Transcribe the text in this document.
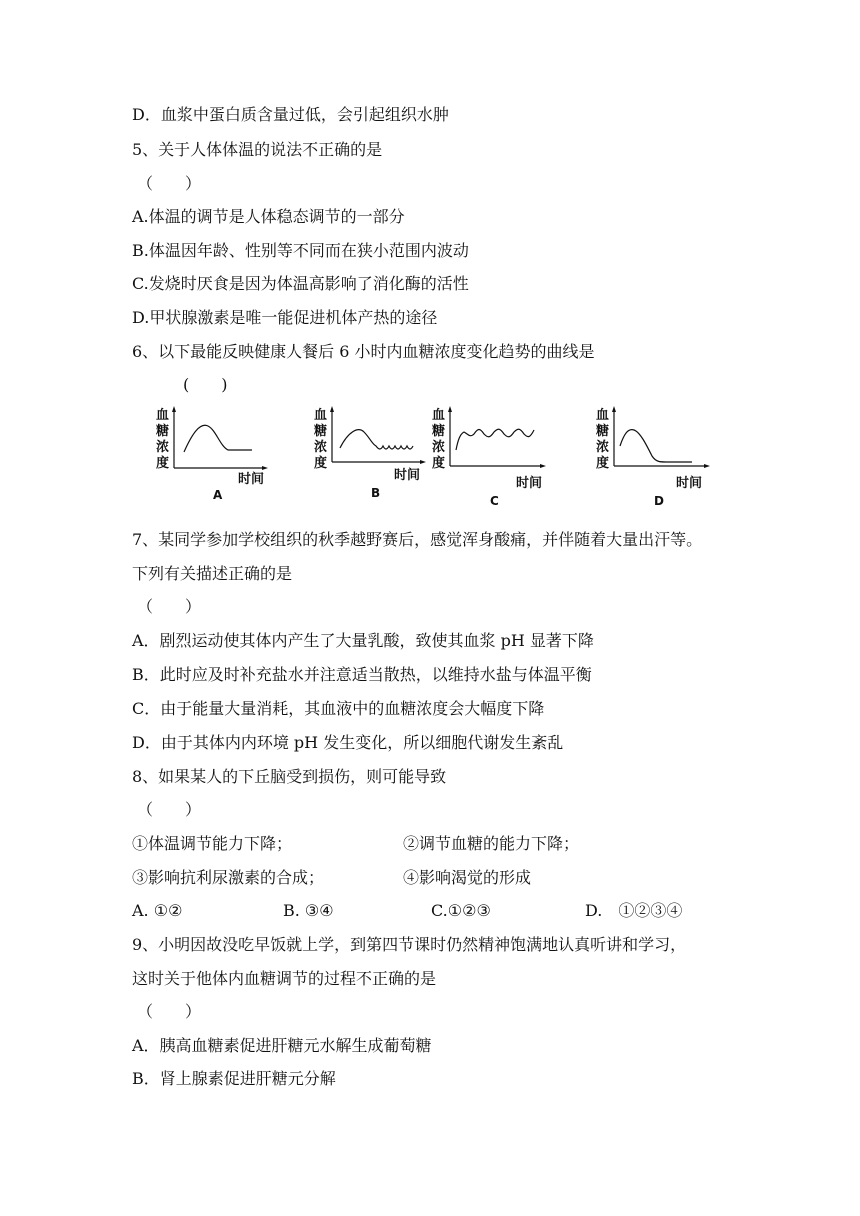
D．血浆中蛋白质含量过低，会引起组织水肿
5、关于人体体温的说法不正确的是
（　　）
A.体温的调节是人体稳态调节的一部分
B.体温因年龄、性别等不同而在狭小范围内波动
C.发烧时厌食是因为体温高影响了消化酶的活性
D.甲状腺激素是唯一能促进机体产热的途径
6、以下最能反映健康人餐后 6 小时内血糖浓度变化趋势的曲线是
(　　)
血
糖
浓
度
时间
A
血
糖
浓
度
时间
B
血
糖
浓
度
时间
C
血
糖
浓
度
时间
D
7、某同学参加学校组织的秋季越野赛后，感觉浑身酸痛，并伴随着大量出汗等。
下列有关描述正确的是
（　　）
A．剧烈运动使其体内产生了大量乳酸，致使其血浆 pH 显著下降
B．此时应及时补充盐水并注意适当散热，以维持水盐与体温平衡
C．由于能量大量消耗，其血液中的血糖浓度会大幅度下降
D．由于其体内内环境 pH 发生变化，所以细胞代谢发生紊乱
8、如果某人的下丘脑受到损伤，则可能导致
（　　）
①体温调节能力下降；	②调节血糖的能力下降；
③影响抗利尿激素的合成；	④影响渴觉的形成
A. ①②	B. ③④	C.①②③	D.　①②③④
9、小明因故没吃早饭就上学，到第四节课时仍然精神饱满地认真听讲和学习，
这时关于他体内血糖调节的过程不正确的是
（　　）
A．胰高血糖素促进肝糖元水解生成葡萄糖
B．肾上腺素促进肝糖元分解
